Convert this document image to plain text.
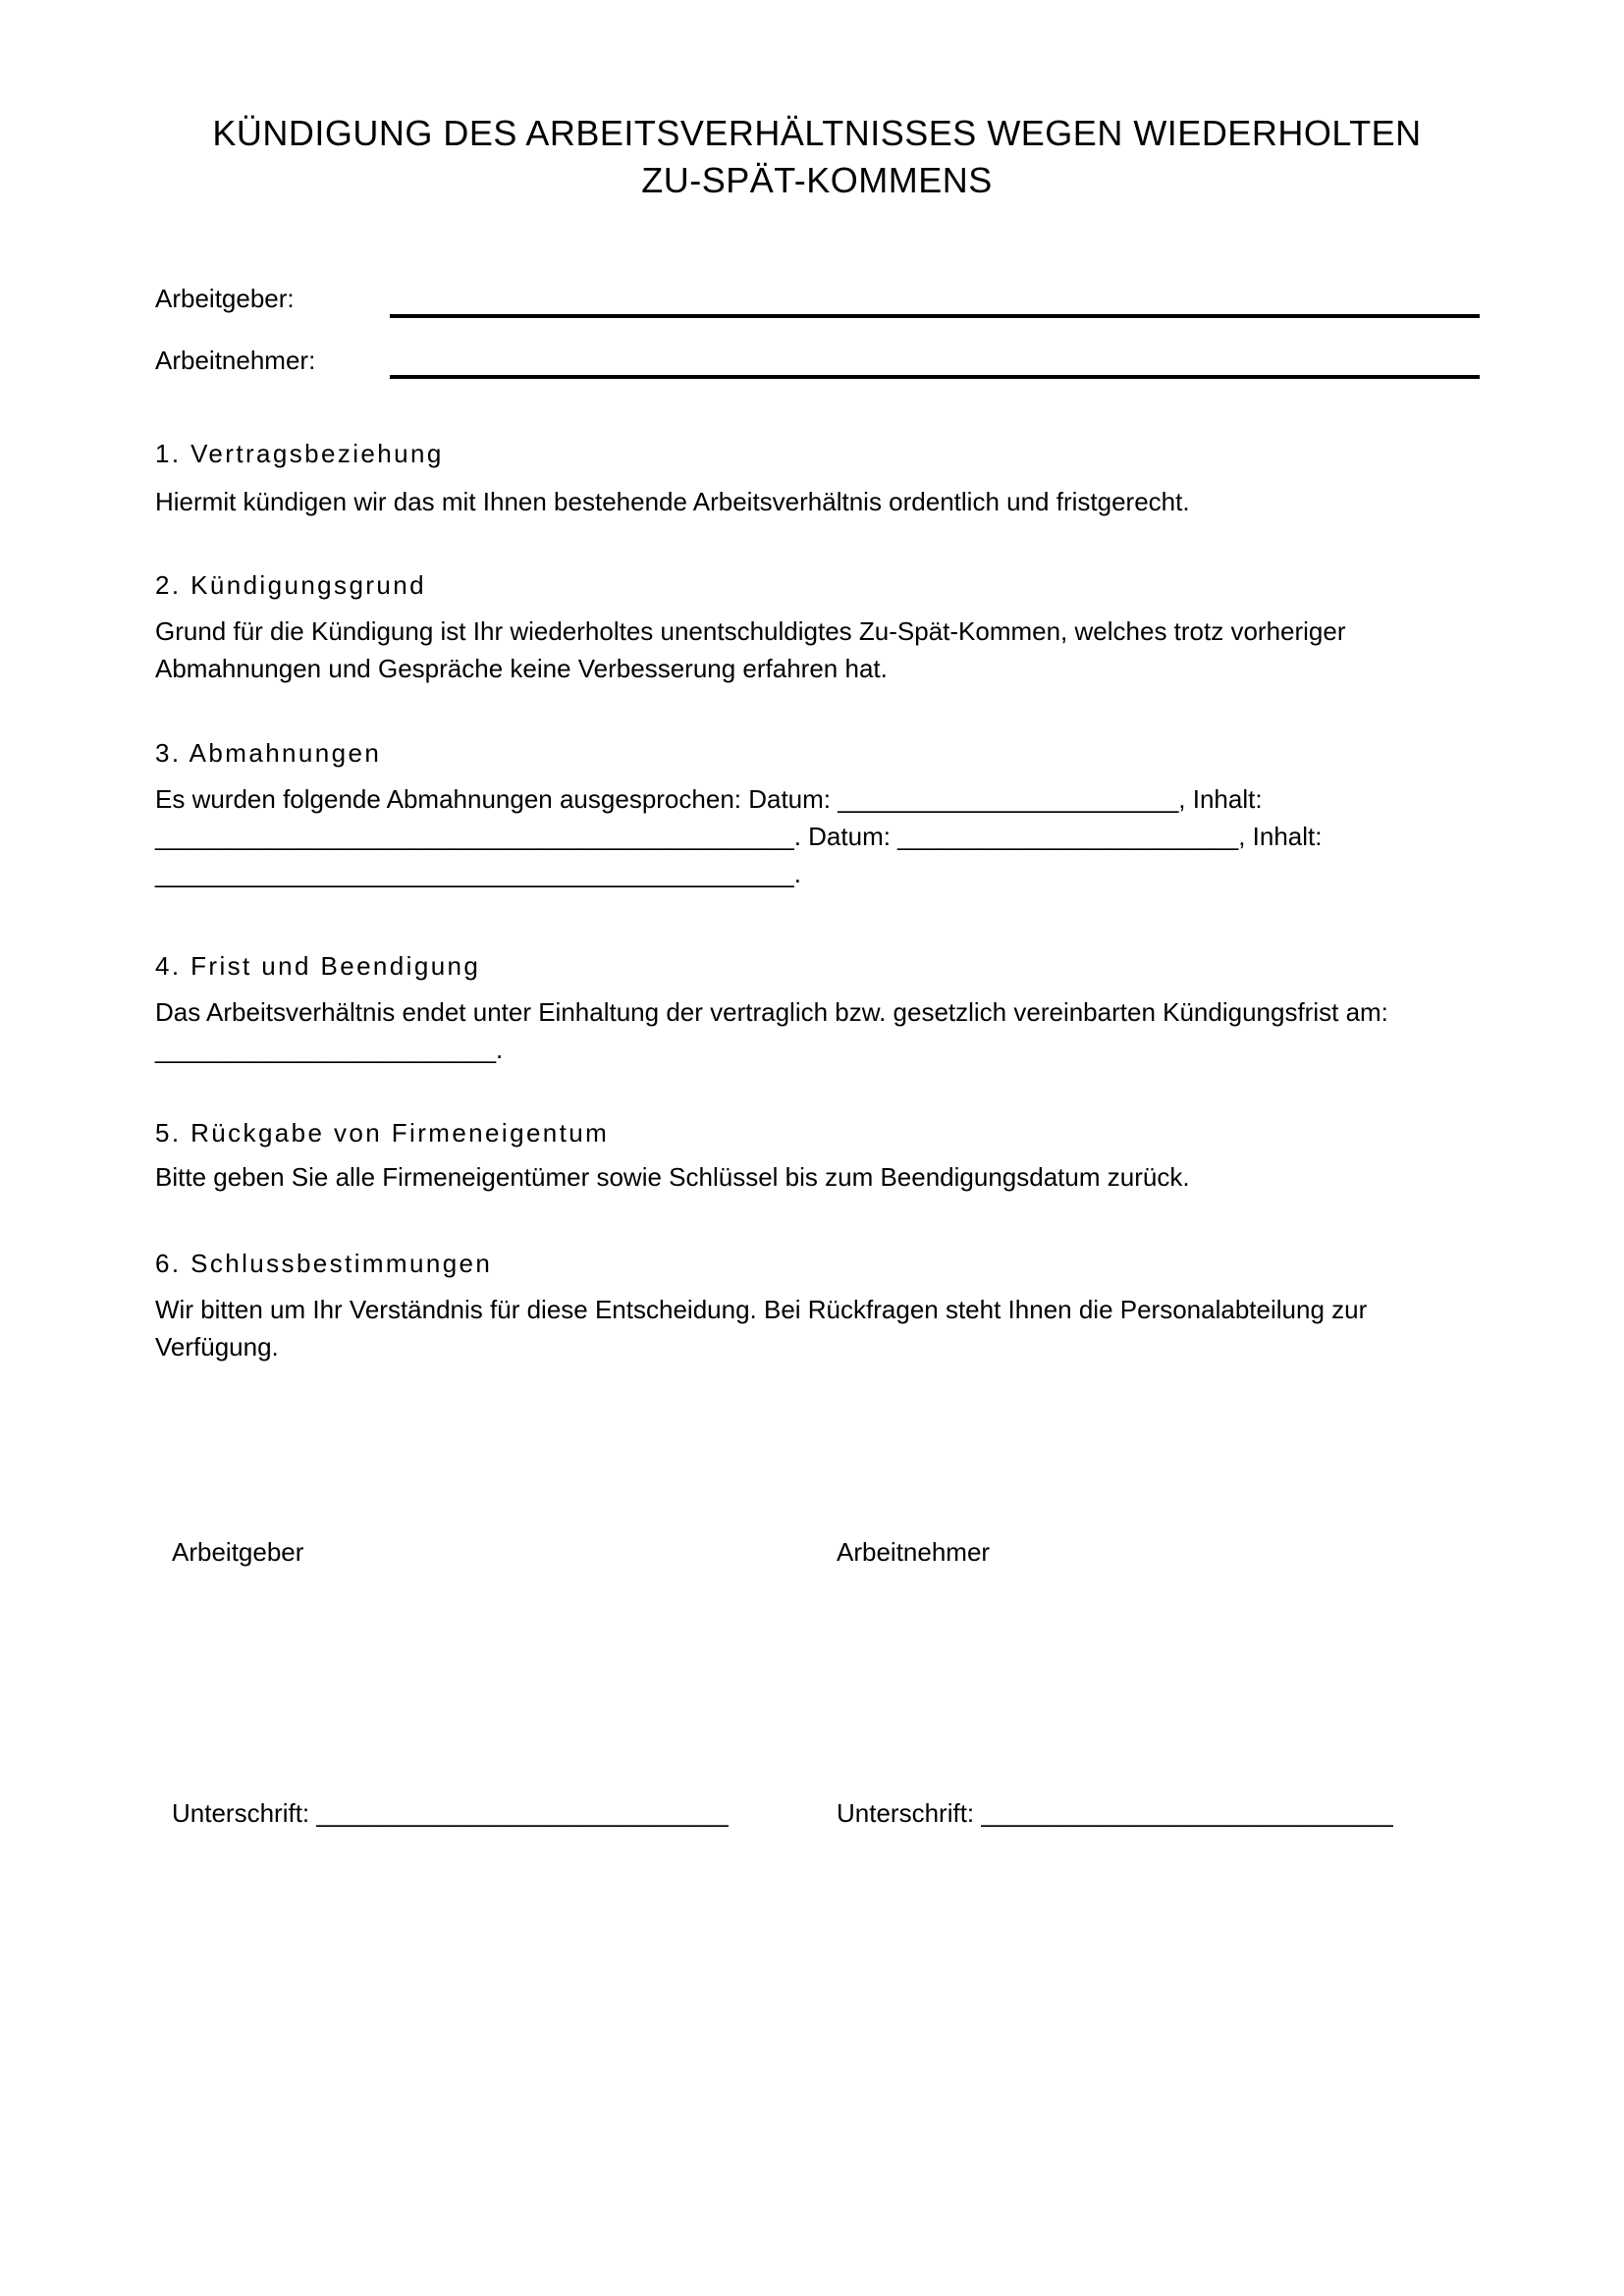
KÜNDIGUNG DES ARBEITSVERHÄLTNISSES WEGEN WIEDERHOLTEN
ZU-SPÄT-KOMMENS
Arbeitgeber:
Arbeitnehmer:
1. Vertragsbeziehung
Hiermit kündigen wir das mit Ihnen bestehende Arbeitsverhältnis ordentlich und fristgerecht.
2. Kündigungsgrund
Grund für die Kündigung ist Ihr wiederholtes unentschuldigtes Zu-Spät-Kommen, welches trotz vorheriger Abmahnungen und Gespräche keine Verbesserung erfahren hat.
3. Abmahnungen
Es wurden folgende Abmahnungen ausgesprochen: Datum: ________________________, Inhalt: _____________________________________________. Datum: ________________________, Inhalt: _____________________________________________.
4. Frist und Beendigung
Das Arbeitsverhältnis endet unter Einhaltung der vertraglich bzw. gesetzlich vereinbarten Kündigungsfrist am: ________________________.
5. Rückgabe von Firmeneigentum
Bitte geben Sie alle Firmeneigentümer sowie Schlüssel bis zum Beendigungsdatum zurück.
6. Schlussbestimmungen
Wir bitten um Ihr Verständnis für diese Entscheidung. Bei Rückfragen steht Ihnen die Personalabteilung zur Verfügung.
Arbeitgeber	Arbeitnehmer
Unterschrift: _____________________________	Unterschrift: _____________________________
